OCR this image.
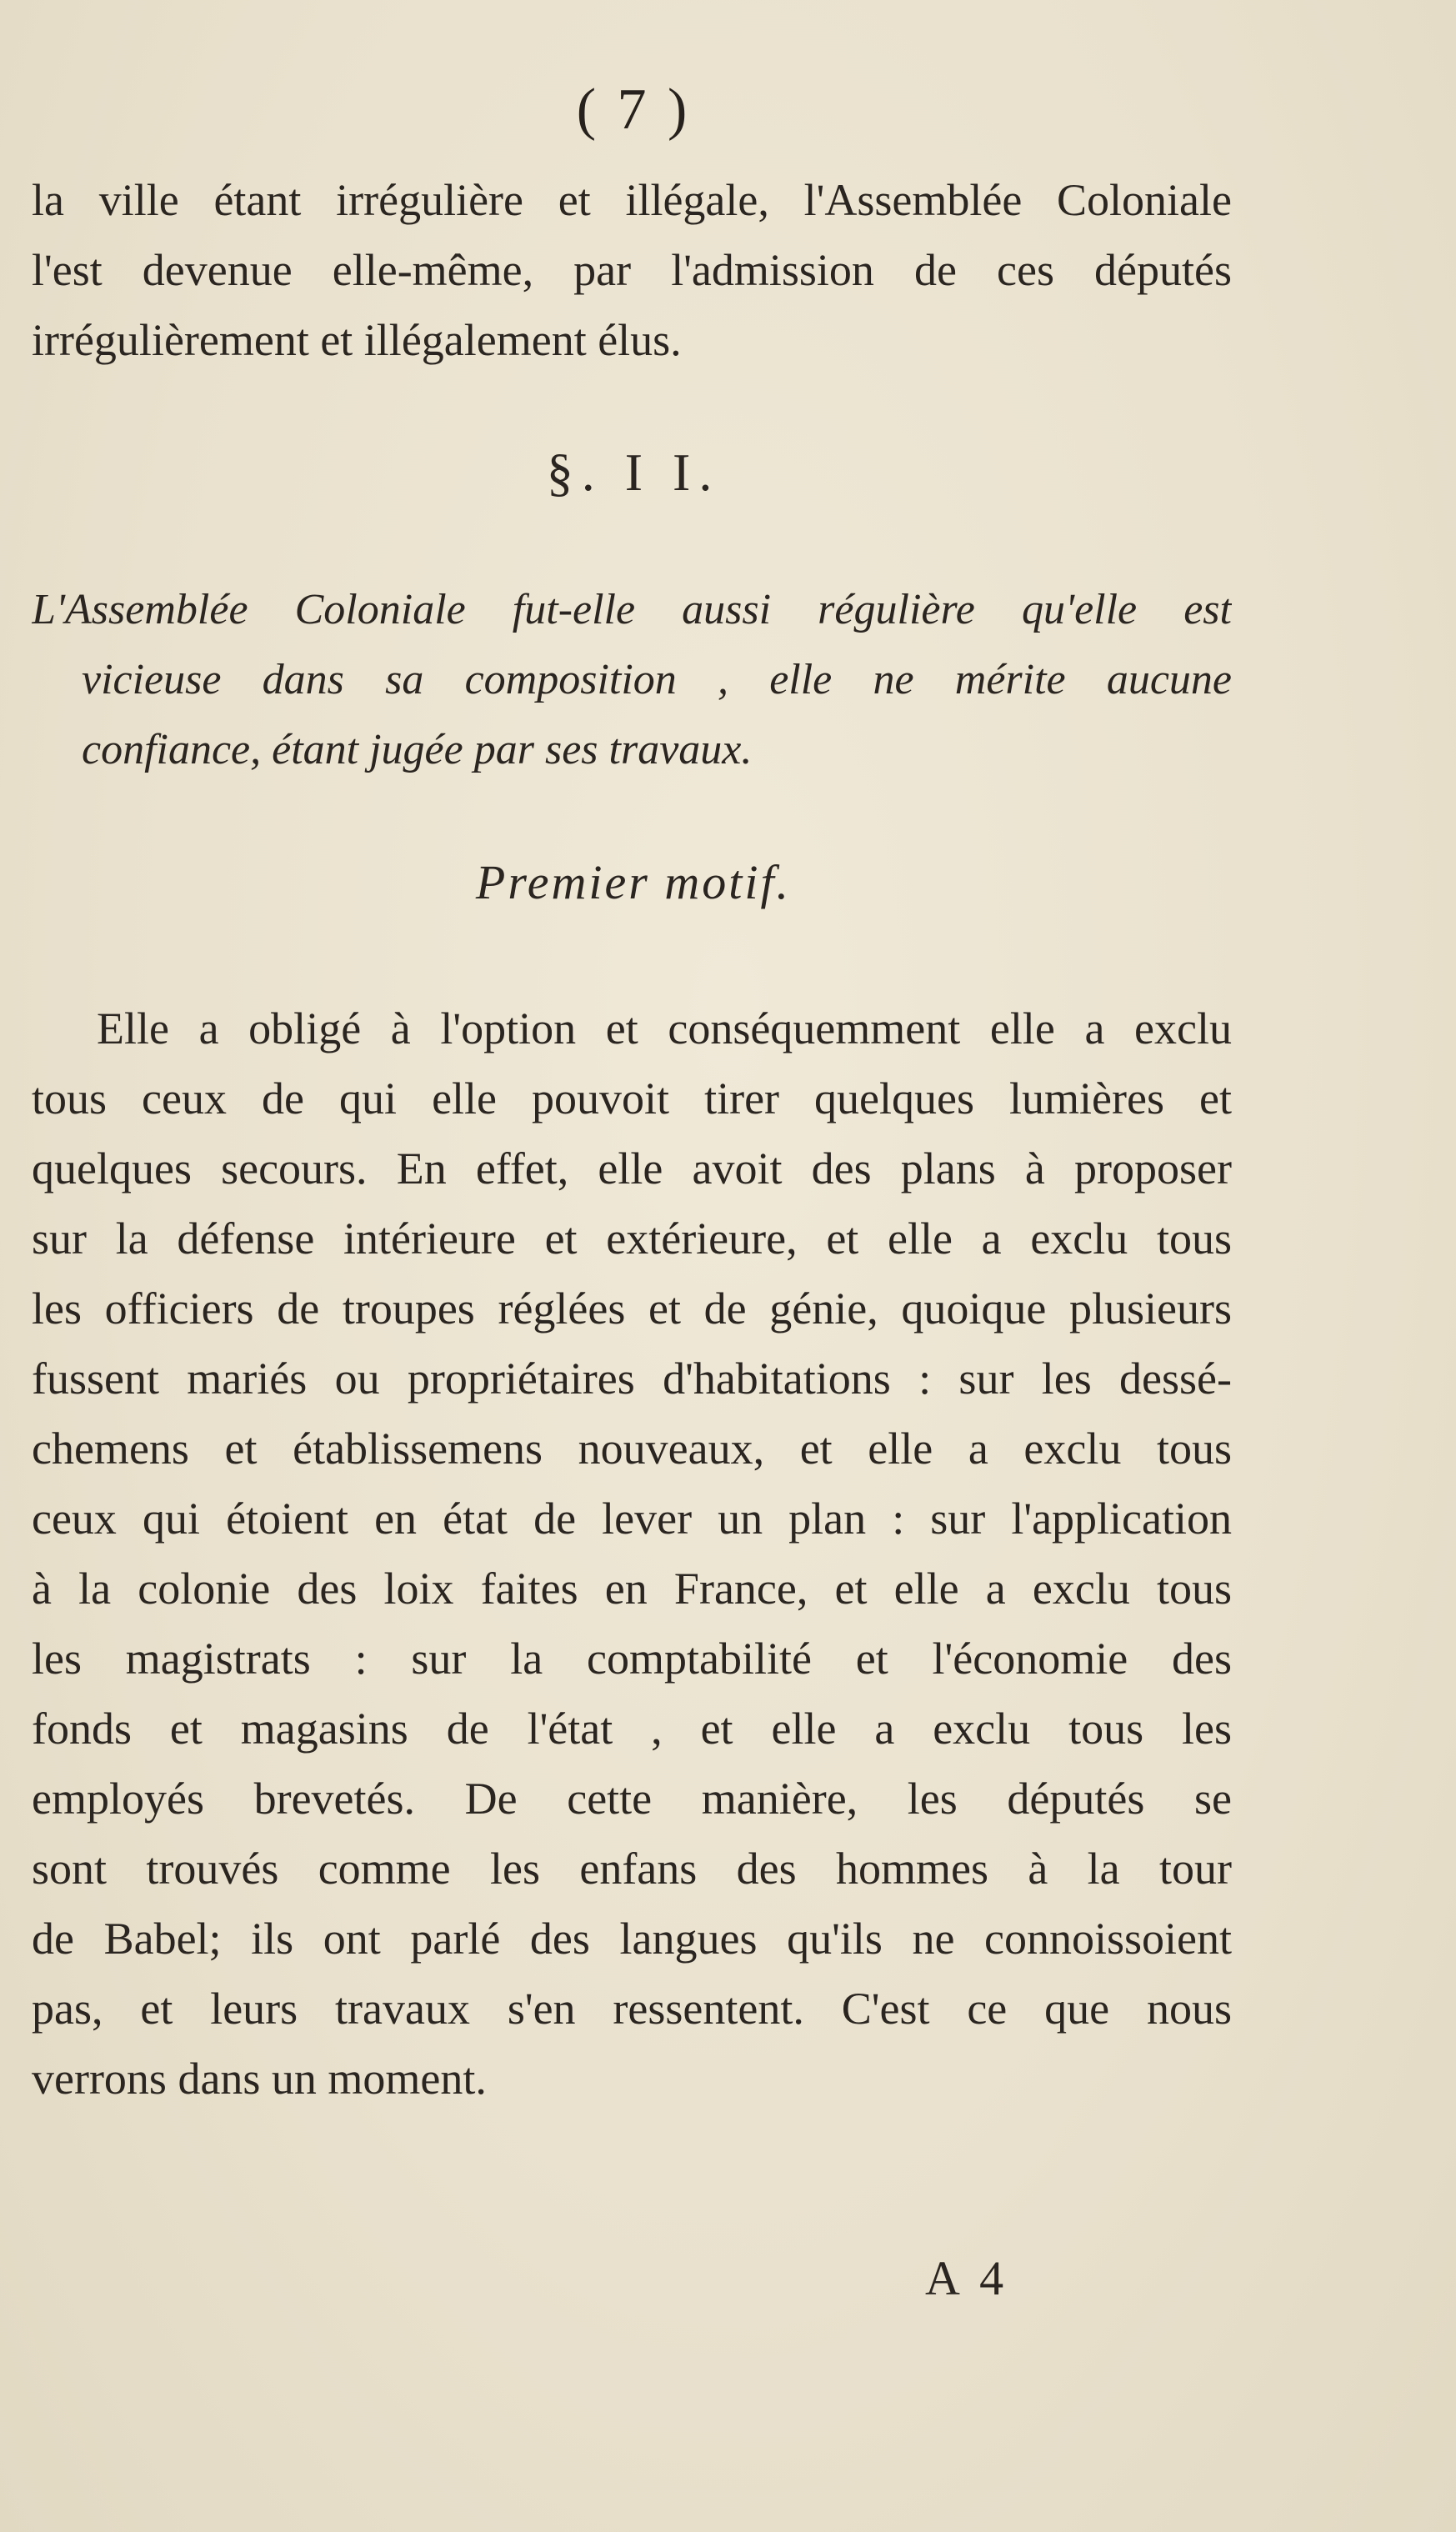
( 7 )
la ville étant irrégulière et illégale, l'Assemblée Coloniale
l'est devenue elle-même, par l'admission de ces députés
irrégulièrement et illégalement élus.
§. I I.
L'Assemblée Coloniale fut-elle aussi régulière qu'elle est
vicieuse dans sa composition , elle ne mérite aucune
confiance, étant jugée par ses travaux.
Premier motif.
Elle a obligé à l'option et conséquemment elle a exclu
tous ceux de qui elle pouvoit tirer quelques lumières et
quelques secours. En effet, elle avoit des plans à proposer
sur la défense intérieure et extérieure, et elle a exclu tous
les officiers de troupes réglées et de génie, quoique plusieurs
fussent mariés ou propriétaires d'habitations : sur les dessé-
chemens et établissemens nouveaux, et elle a exclu tous
ceux qui étoient en état de lever un plan : sur l'application
à la colonie des loix faites en France, et elle a exclu tous
les magistrats : sur la comptabilité et l'économie des
fonds et magasins de l'état , et elle a exclu tous les
employés brevetés. De cette manière, les députés se
sont trouvés comme les enfans des hommes à la tour
de Babel; ils ont parlé des langues qu'ils ne connoissoient
pas, et leurs travaux s'en ressentent. C'est ce que nous
verrons dans un moment.
A 4
